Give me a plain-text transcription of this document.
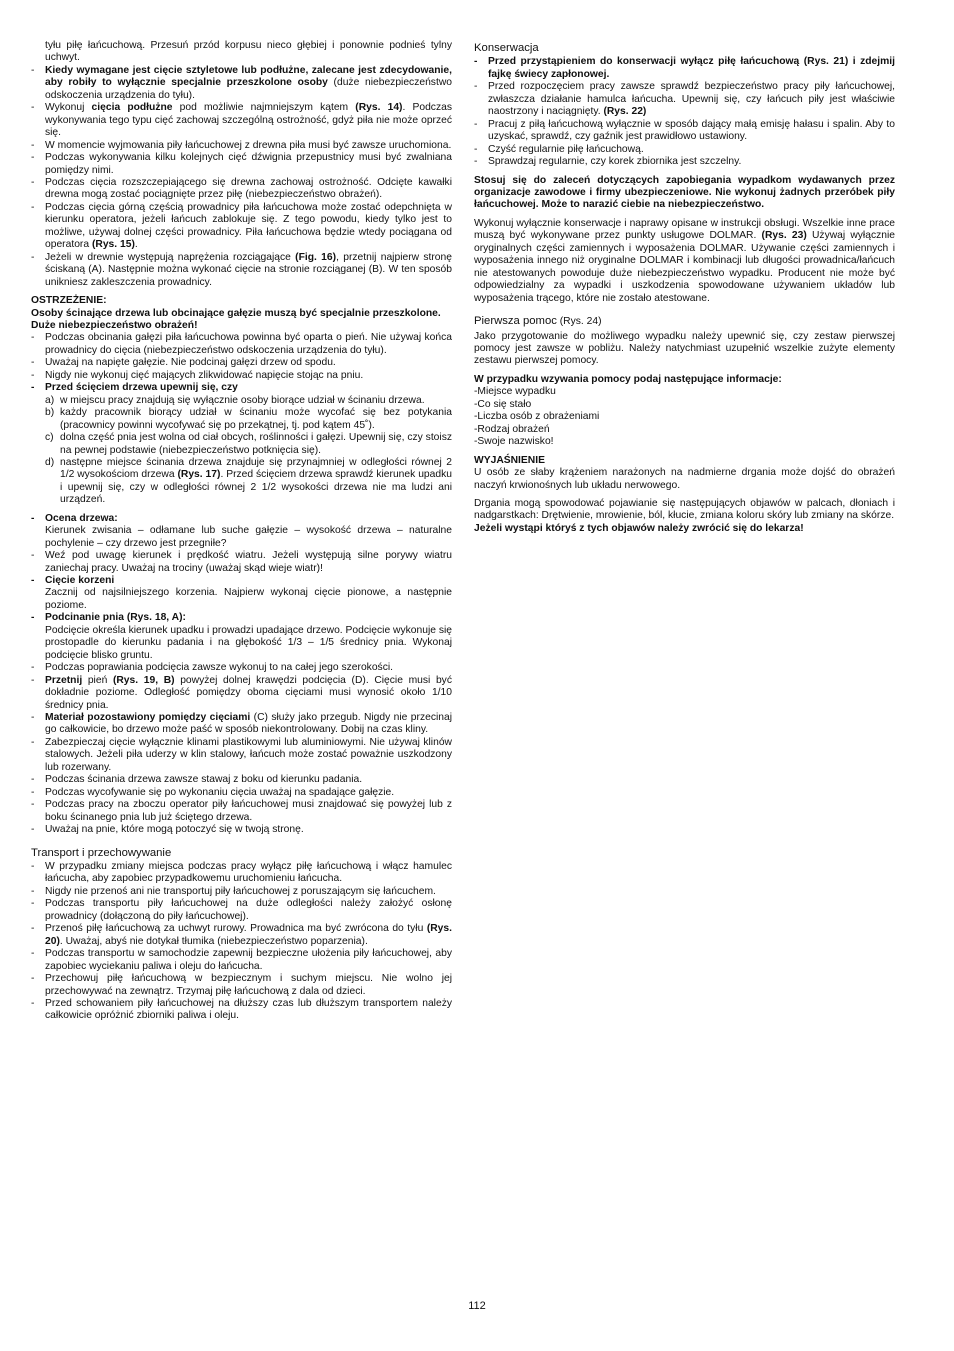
tyłu piłę łańcuchową. Przesuń przód korpusu nieco głębiej i ponownie podnieś tylny uchwyt.

- Kiedy wymagane jest cięcie sztyletowe lub podłużne, zalecane jest zdecydowanie, aby robiły to wyłącznie specjalnie przeszkolone osoby (duże niebezpieczeństwo odskoczenia urządzenia do tyłu).
- Wykonuj cięcia podłużne pod możliwie najmniejszym kątem (Rys. 14). Podczas wykonywania tego typu cięć zachowaj szczególną ostrożność, gdyż piła nie może oprzeć się.
- W momencie wyjmowania piły łańcuchowej z drewna piła musi być zawsze uruchomiona.
- Podczas wykonywania kilku kolejnych cięć dźwignia przepustnicy musi być zwalniana pomiędzy nimi.
- Podczas cięcia rozszczepiającego się drewna zachowaj ostrożność. Odcięte kawałki drewna mogą zostać pociągnięte przez piłę (niebezpieczeństwo obrażeń).
- Podczas cięcia górną częścią prowadnicy piła łańcuchowa może zostać odepchnięta w kierunku operatora, jeżeli łańcuch zablokuje się. Z tego powodu, kiedy tylko jest to możliwe, używaj dolnej części prowadnicy. Piła łańcuchowa będzie wtedy pociągana od operatora (Rys. 15).
- Jeżeli w drewnie występują naprężenia rozciągające (Fig. 16), przetnij najpierw stronę ściskaną (A). Następnie można wykonać cięcie na stronie rozciąganej (B). W ten sposób unikniesz zakleszczenia prowadnicy.

OSTRZEŻENIE:

Osoby ścinające drzewa lub obcinające gałęzie muszą być specjalnie przeszkolone. Duże niebezpieczeństwo obrażeń!

- Podczas obcinania gałęzi piła łańcuchowa powinna być oparta o pień. Nie używaj końca prowadnicy do cięcia (niebezpieczeństwo odskoczenia urządzenia do tyłu).
- Uważaj na napięte gałęzie. Nie podcinaj gałęzi drzew od spodu.
- Nigdy nie wykonuj cięć mających zlikwidować napięcie stojąc na pniu.
- Przed ścięciem drzewa upewnij się, czy
a) w miejscu pracy znajdują się wyłącznie osoby biorące udział w ścinaniu drzewa.
b) każdy pracownik biorący udział w ścinaniu może wycofać się bez potykania (pracownicy powinni wycofywać się po przekątnej, tj. pod kątem 45˚).
c) dolna część pnia jest wolna od ciał obcych, roślinności i gałęzi. Upewnij się, czy stoisz na pewnej podstawie (niebezpieczeństwo potknięcia się).
d) następne miejsce ścinania drzewa znajduje się przynajmniej w odległości równej 2 1/2 wysokościom drzewa (Rys. 17). Przed ścięciem drzewa sprawdź kierunek upadku i upewnij się, czy w odległości równej 2 1/2 wysokości drzewa nie ma ludzi ani urządzeń.
- Ocena drzewa:

Kierunek zwisania – odłamane lub suche gałęzie – wysokość drzewa – naturalne pochylenie – czy drzewo jest przegniłe?

- Weź pod uwagę kierunek i prędkość wiatru. Jeżeli występują silne porywy wiatru zaniechaj pracy. Uważaj na trociny (uważaj skąd wieje wiatr)!
- Cięcie korzeni

Zacznij od najsilniejszego korzenia. Najpierw wykonaj cięcie pionowe, a następnie poziome.

- Podcinanie pnia (Rys. 18, A):

Podcięcie określa kierunek upadku i prowadzi upadające drzewo. Podcięcie wykonuje się prostopadle do kierunku padania i na głębokość 1/3 – 1/5 średnicy pnia. Wykonaj podcięcie blisko gruntu.

- Podczas poprawiania podcięcia zawsze wykonuj to na całej jego szerokości.
- Przetnij pień (Rys. 19, B) powyżej dolnej krawędzi podcięcia (D). Cięcie musi być dokładnie poziome. Odległość pomiędzy oboma cięciami musi wynosić około 1/10 średnicy pnia.
- Materiał pozostawiony pomiędzy cięciami (C) służy jako przegub. Nigdy nie przecinaj go całkowicie, bo drzewo może paść w sposób niekontrolowany. Dobij na czas kliny.
- Zabezpieczaj cięcie wyłącznie klinami plastikowymi lub aluminiowymi. Nie używaj klinów stalowych. Jeżeli piła uderzy w klin stalowy, łańcuch może zostać poważnie uszkodzony lub rozerwany.
- Podczas ścinania drzewa zawsze stawaj z boku od kierunku padania.
- Podczas wycofywanie się po wykonaniu cięcia uważaj na spadające gałęzie.
- Podczas pracy na zboczu operator piły łańcuchowej musi znajdować się powyżej lub z boku ścinanego pnia lub już ściętego drzewa.
- Uważaj na pnie, które mogą potoczyć się w twoją stronę.

Transport i przechowywanie

- W przypadku zmiany miejsca podczas pracy wyłącz piłę łańcuchową i włącz hamulec łańcucha, aby zapobiec przypadkowemu uruchomieniu łańcucha.
- Nigdy nie przenoś ani nie transportuj piły łańcuchowej z poruszającym się łańcuchem.
- Podczas transportu piły łańcuchowej na duże odległości należy założyć osłonę prowadnicy (dołączoną do piły łańcuchowej).
- Przenoś piłę łańcuchową za uchwyt rurowy. Prowadnica ma być zwrócona do tyłu (Rys. 20). Uważaj, abyś nie dotykał tłumika (niebezpieczeństwo poparzenia).
- Podczas transportu w samochodzie zapewnij bezpieczne ułożenia piły łańcuchowej, aby zapobiec wyciekaniu paliwa i oleju do łańcucha.
- Przechowuj piłę łańcuchową w bezpiecznym i suchym miejscu. Nie wolno jej przechowywać na zewnątrz. Trzymaj piłę łańcuchową z dala od dzieci.
- Przed schowaniem piły łańcuchowej na dłuższy czas lub dłuższym transportem należy całkowicie opróżnić zbiorniki paliwa i oleju.

Konserwacja

- Przed przystąpieniem do konserwacji wyłącz piłę łańcuchową (Rys. 21) i zdejmij fajkę świecy zapłonowej.
- Przed rozpoczęciem pracy zawsze sprawdź bezpieczeństwo pracy piły łańcuchowej, zwłaszcza działanie hamulca łańcucha. Upewnij się, czy łańcuch piły jest właściwie naostrzony i naciągnięty. (Rys. 22)
- Pracuj z piłą łańcuchową wyłącznie w sposób dający małą emisję hałasu i spalin. Aby to uzyskać, sprawdź, czy gaźnik jest prawidłowo ustawiony.
- Czyść regularnie piłę łańcuchową.
- Sprawdzaj regularnie, czy korek zbiornika jest szczelny.

Stosuj się do zaleceń dotyczących zapobiegania wypadkom wydawanych przez organizacje zawodowe i firmy ubezpieczeniowe. Nie wykonuj żadnych przeróbek piły łańcuchowej. Może to narazić ciebie na niebezpieczeństwo.

Wykonuj wyłącznie konserwacje i naprawy opisane w instrukcji obsługi. Wszelkie inne prace muszą być wykonywane przez punkty usługowe DOLMAR. (Rys. 23) Używaj wyłącznie oryginalnych części zamiennych i wyposażenia DOLMAR. Używanie części zamiennych i wyposażenia innego niż oryginalne DOLMAR i kombinacji lub długości prowadnica/łańcuch nie atestowanych powoduje duże niebezpieczeństwo wypadku. Producent nie może być odpowiedzialny za wypadki i uszkodzenia spowodowane używaniem układów lub wyposażenia trącego, które nie zostało atestowane.

Pierwsza pomoc (Rys. 24)

Jako przygotowanie do możliwego wypadku należy upewnić się, czy zestaw pierwszej pomocy jest zawsze w pobliżu. Należy natychmiast uzupełnić wszelkie zużyte elementy zestawu pierwszej pomocy.

W przypadku wzywania pomocy podaj następujące informacje:

-Miejsce wypadku

-Co się stało

-Liczba osób z obrażeniami

-Rodzaj obrażeń

-Swoje nazwisko!

WYJAŚNIENIE

U osób ze słaby krążeniem narażonych na nadmierne drgania może dojść do obrażeń naczyń krwionośnych lub układu nerwowego.

Drgania mogą spowodować pojawianie się następujących objawów w palcach, dłoniach i nadgarstkach: Drętwienie, mrowienie, ból, kłucie, zmiana koloru skóry lub zmiany na skórze.

Jeżeli wystąpi któryś z tych objawów należy zwrócić się do lekarza!

112
